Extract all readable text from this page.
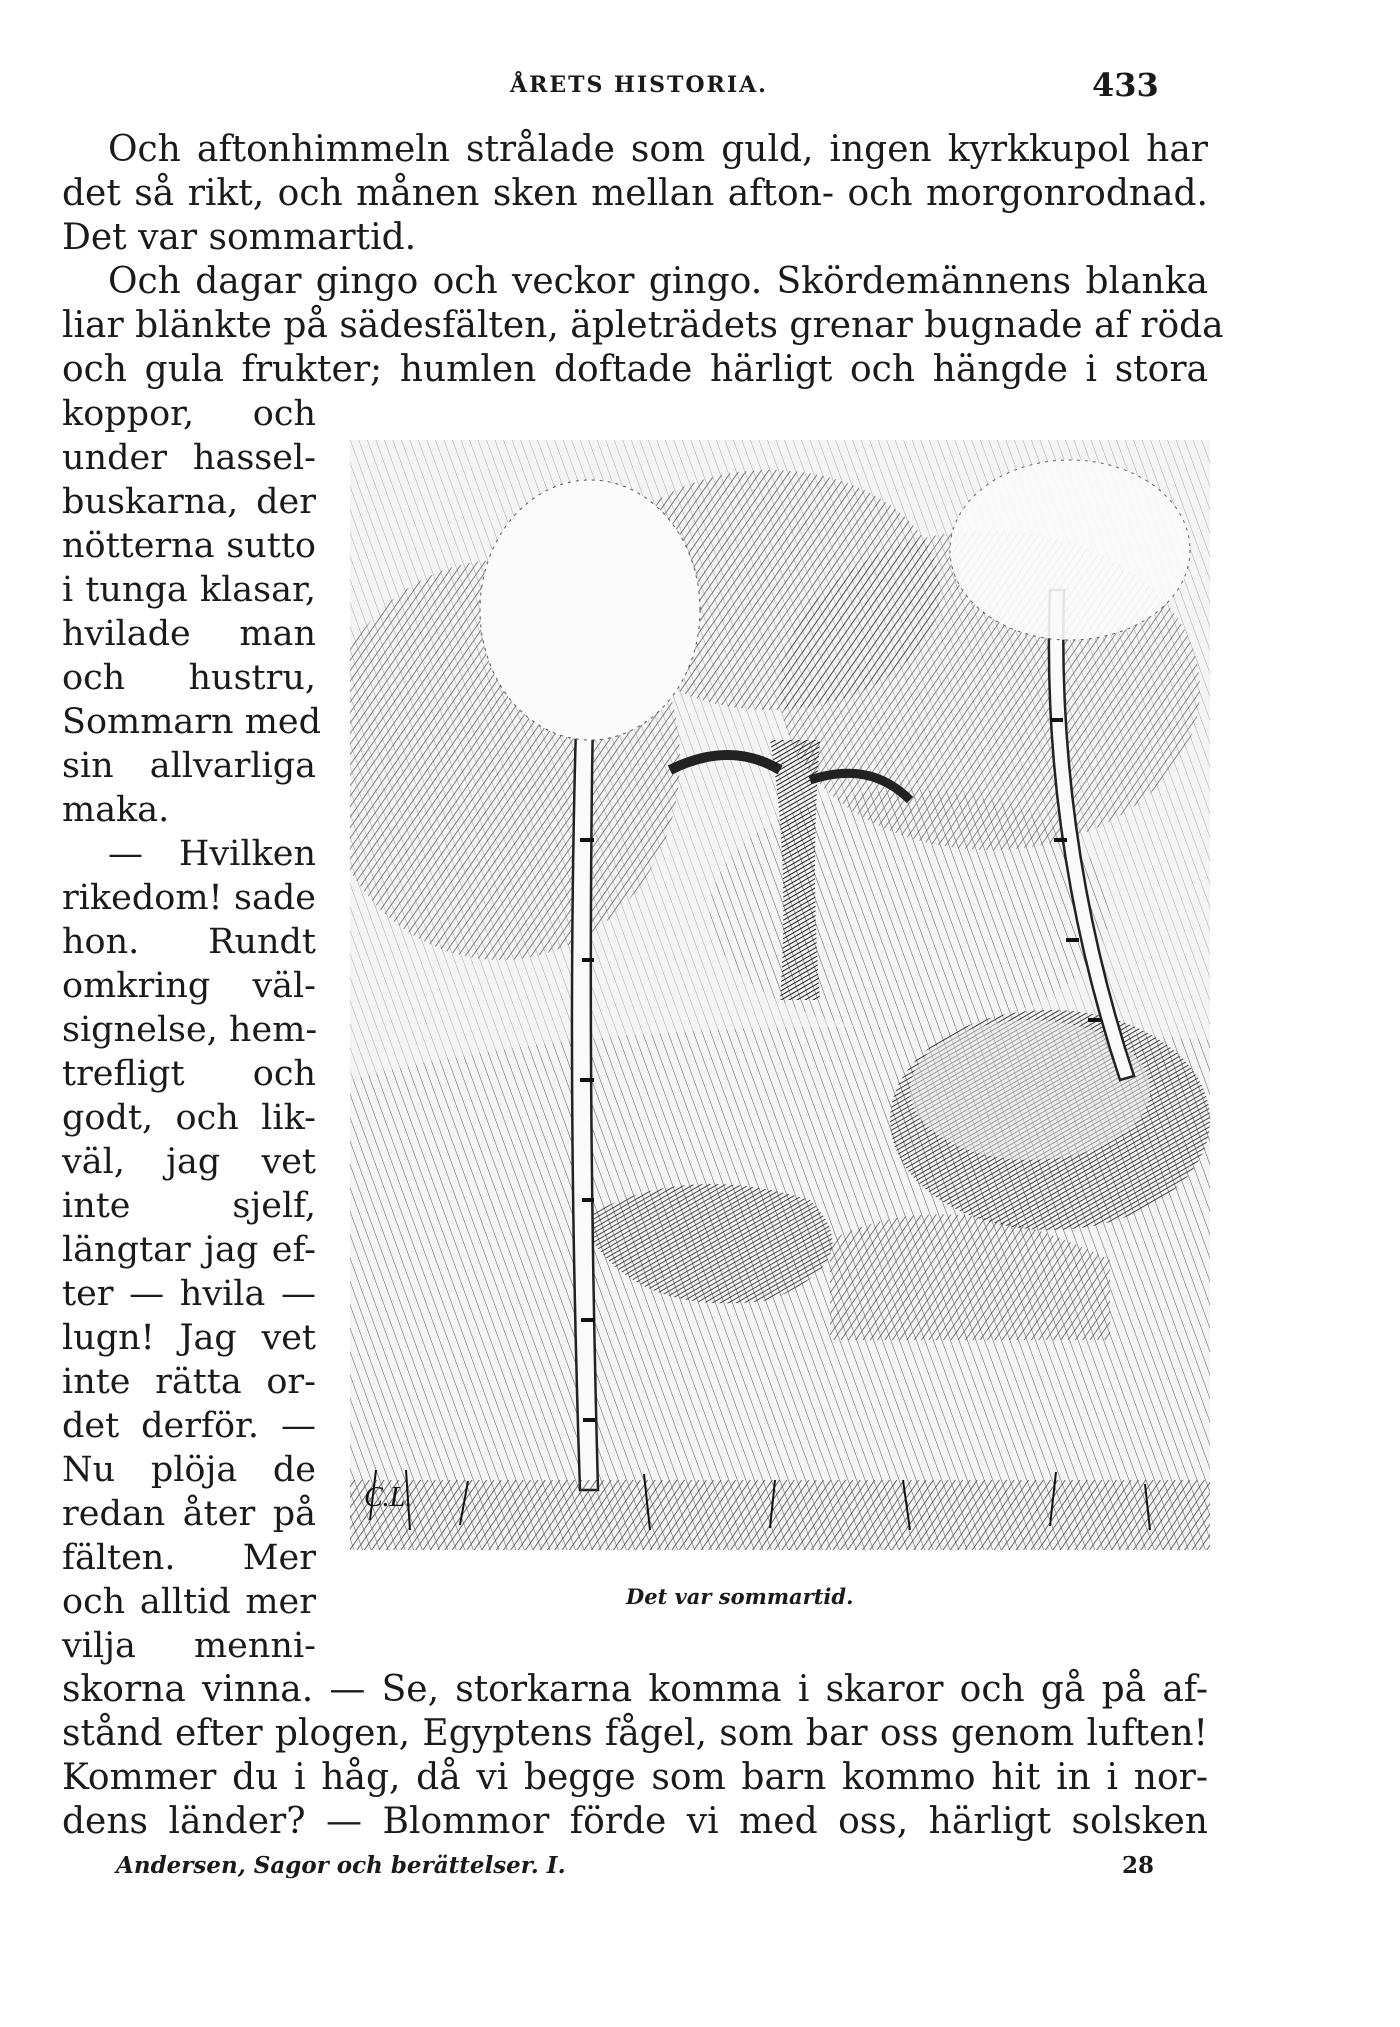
ÅRETS HISTORIA.	433
Och aftonhimmeln strålade som guld, ingen kyrkkupol har
det så rikt, och månen sken mellan afton- och morgonrodnad.
Det var sommartid.
Och dagar gingo och veckor gingo. Skördemännens blanka
liar blänkte på sädesfälten, äpleträdets grenar bugnade af röda
och gula frukter; humlen doftade härligt och hängde i stora
koppor, och
under hassel-
buskarna, der
nötterna sutto
i tunga klasar,
hvilade man
och hustru,
Sommarn med
sin allvarliga
maka.
— Hvilken
rikedom! sade
hon. Rundt
omkring väl-
signelse, hem-
trefligt och
godt, och lik-
väl, jag vet
inte sjelf,
längtar jag ef-
ter — hvila —
lugn! Jag vet
inte rätta or-
det derför. —
Nu plöja de
redan åter på
fälten. Mer
och alltid mer
vilja menni-
C.L.
Det var sommartid.
skorna vinna. — Se, storkarna komma i skaror och gå på af-
stånd efter plogen, Egyptens fågel, som bar oss genom luften!
Kommer du i håg, då vi begge som barn kommo hit in i nor-
dens länder? — Blommor förde vi med oss, härligt solsken
Andersen, Sagor och berättelser. I.	28
